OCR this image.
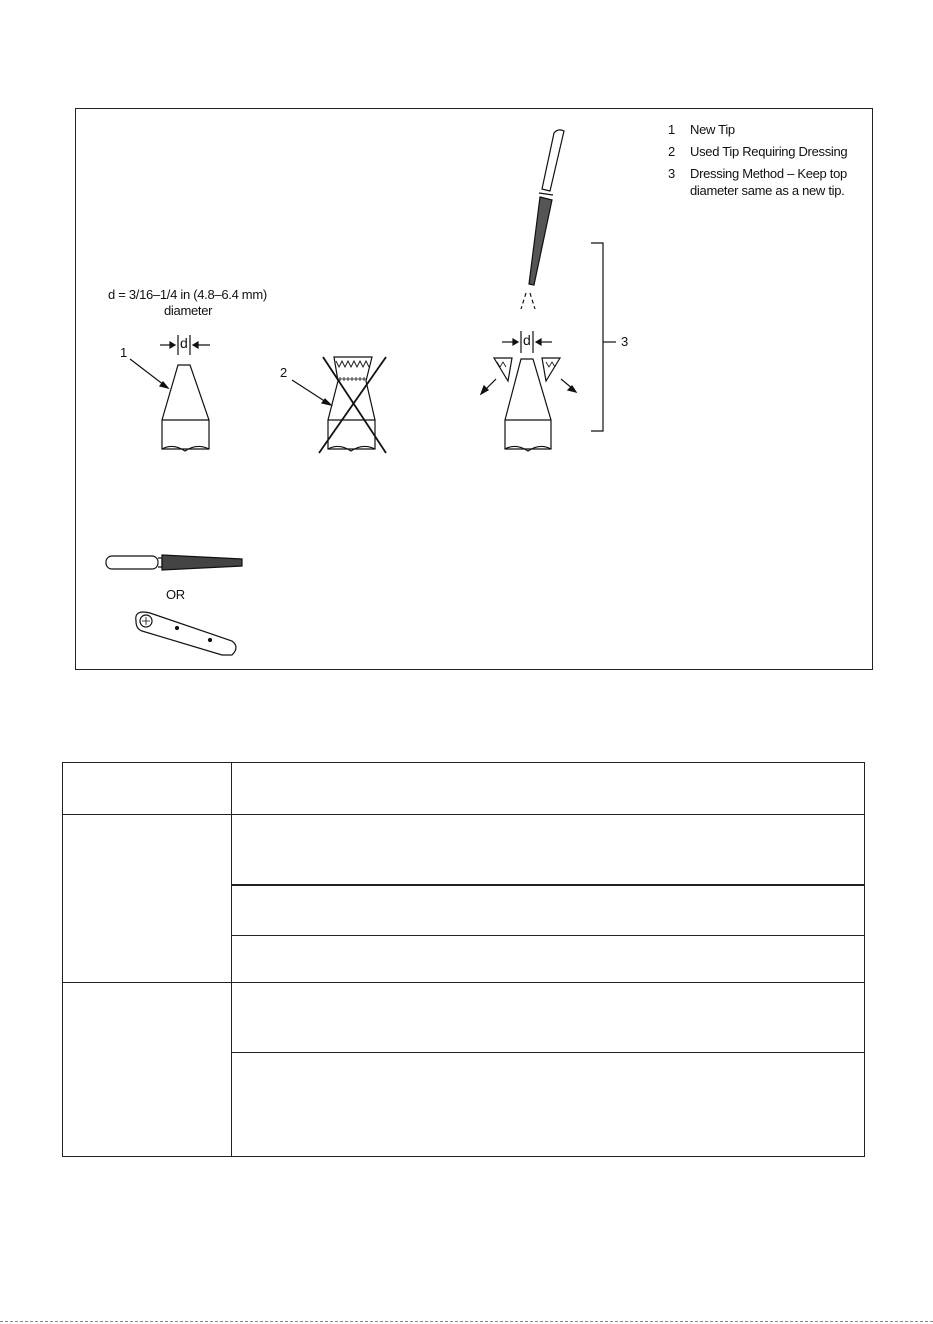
d = 3/16–1/4 in (4.8–6.4 mm)
diameter
d	d
1
2
3
OR
1	New Tip
2	Used Tip Requiring Dressing
3	Dressing Method – Keep top diameter same as a new tip.
